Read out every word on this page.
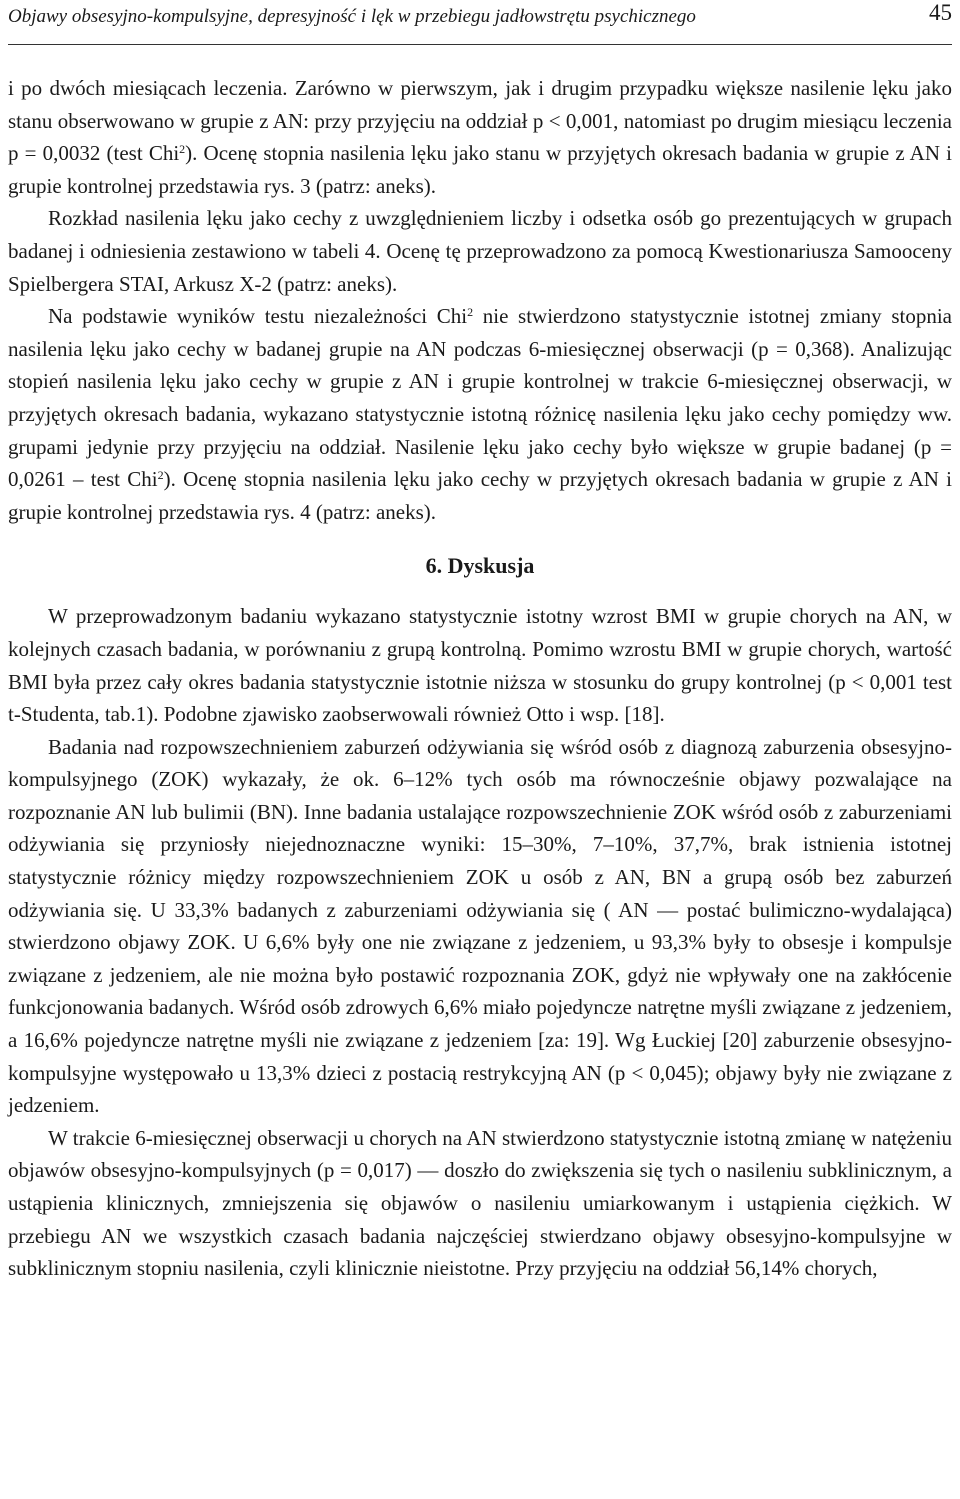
Objawy obsesyjno-kompulsyjne, depresyjność i lęk w przebiegu jadłowstrętu psychicznego	45

i po dwóch miesiącach leczenia. Zarówno w pierwszym, jak i drugim przypadku większe nasilenie lęku jako stanu obserwowano w grupie z AN: przy przyjęciu na oddział p < 0,001, natomiast po drugim miesiącu leczenia p = 0,0032 (test Chi$^2$). Ocenę stopnia nasilenia lęku jako stanu w przyjętych okresach badania w grupie z AN i grupie kontrolnej przedstawia rys. 3 (patrz: aneks).

Rozkład nasilenia lęku jako cechy z uwzględnieniem liczby i odsetka osób go prezentujących w grupach badanej i odniesienia zestawiono w tabeli 4. Ocenę tę przeprowadzono za pomocą Kwestionariusza Samooceny Spielbergera STAI, Arkusz X-2 (patrz: aneks).

Na podstawie wyników testu niezależności Chi$^2$ nie stwierdzono statystycznie istotnej zmiany stopnia nasilenia lęku jako cechy w badanej grupie na AN podczas 6-miesięcznej obserwacji (p = 0,368). Analizując stopień nasilenia lęku jako cechy w grupie z AN i grupie kontrolnej w trakcie 6-miesięcznej obserwacji, w przyjętych okresach badania, wykazano statystycznie istotną różnicę nasilenia lęku jako cechy pomiędzy ww. grupami jedynie przy przyjęciu na oddział. Nasilenie lęku jako cechy było większe w grupie badanej (p = 0,0261 – test Chi$^2$). Ocenę stopnia nasilenia lęku jako cechy w przyjętych okresach badania w grupie z AN i grupie kontrolnej przedstawia rys. 4 (patrz: aneks).

6. Dyskusja

W przeprowadzonym badaniu wykazano statystycznie istotny wzrost BMI w grupie chorych na AN, w kolejnych czasach badania, w porównaniu z grupą kontrolną. Pomimo wzrostu BMI w grupie chorych, wartość BMI była przez cały okres badania statystycznie istotnie niższa w stosunku do grupy kontrolnej (p < 0,001 test t-Studenta, tab.1). Podobne zjawisko zaobserwowali również Otto i wsp. [18].

Badania nad rozpowszechnieniem zaburzeń odżywiania się wśród osób z diagnozą zaburzenia obsesyjno-kompulsyjnego (ZOK) wykazały, że ok. 6–12% tych osób ma równocześnie objawy pozwalające na rozpoznanie AN lub bulimii (BN). Inne badania ustalające rozpowszechnienie ZOK wśród osób z zaburzeniami odżywiania się przyniosły niejednoznaczne wyniki: 15–30%, 7–10%, 37,7%, brak istnienia istotnej statystycznie różnicy między rozpowszechnieniem ZOK u osób z AN, BN a grupą osób bez zaburzeń odżywiania się. U 33,3% badanych z zaburzeniami odżywiania się ( AN — postać bulimiczno-wydalająca) stwierdzono objawy ZOK. U 6,6% były one nie związane z jedzeniem, u 93,3% były to obsesje i kompulsje związane z jedzeniem, ale nie można było postawić rozpoznania ZOK, gdyż nie wpływały one na zakłócenie funkcjonowania badanych. Wśród osób zdrowych 6,6% miało pojedyncze natrętne myśli związane z jedzeniem, a 16,6% pojedyncze natrętne myśli nie związane z jedzeniem [za: 19]. Wg Łuckiej [20] zaburzenie obsesyjno-kompulsyjne występowało u 13,3% dzieci z postacią restrykcyjną AN (p < 0,045); objawy były nie związane z jedzeniem.

W trakcie 6-miesięcznej obserwacji u chorych na AN stwierdzono statystycznie istotną zmianę w natężeniu objawów obsesyjno-kompulsyjnych (p = 0,017) — doszło do zwiększenia się tych o nasileniu subklinicznym, a ustąpienia klinicznych, zmniejszenia się objawów o nasileniu umiarkowanym i ustąpienia ciężkich. W przebiegu AN we wszystkich czasach badania najczęściej stwierdzano objawy obsesyjno-kompulsyjne w subklinicznym stopniu nasilenia, czyli klinicznie nieistotne. Przy przyjęciu na oddział 56,14% chorych,
